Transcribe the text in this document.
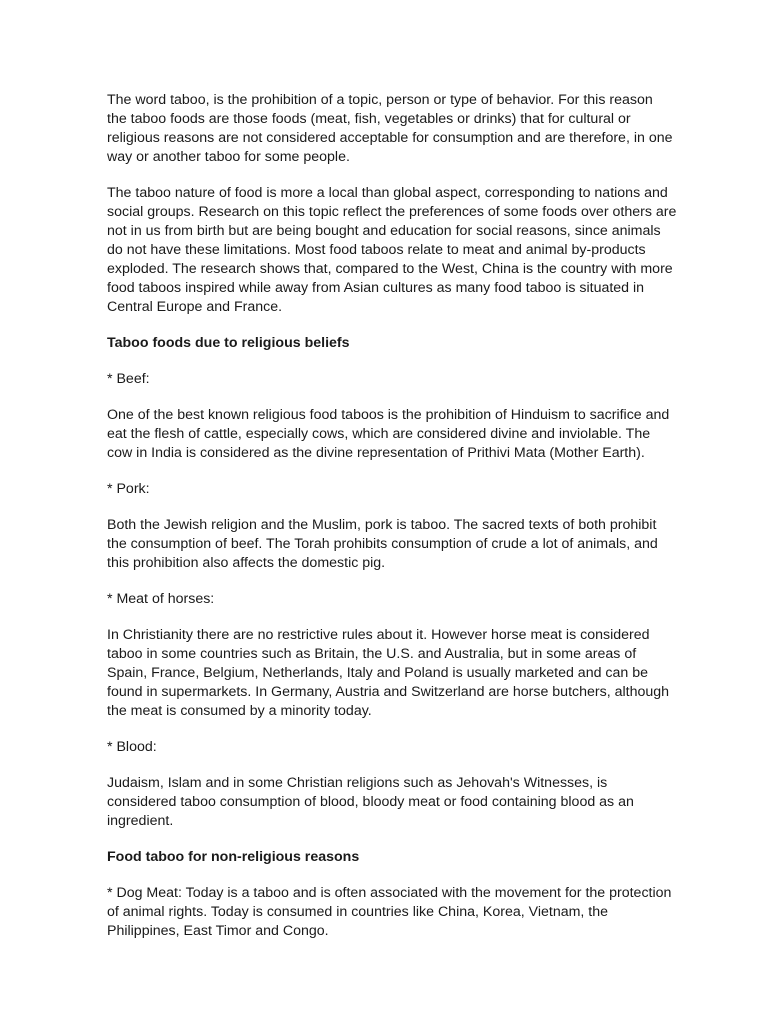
The word taboo, is the prohibition of a topic, person or type of behavior. For this reason
the taboo foods are those foods (meat, fish, vegetables or drinks) that for cultural or
religious reasons are not considered acceptable for consumption and are therefore, in one
way or another taboo for some people.

The taboo nature of food is more a local than global aspect, corresponding to nations and
social groups. Research on this topic reflect the preferences of some foods over others are
not in us from birth but are being bought and education for social reasons, since animals
do not have these limitations. Most food taboos relate to meat and animal by-products
exploded. The research shows that, compared to the West, China is the country with more
food taboos inspired while away from Asian cultures as many food taboo is situated in
Central Europe and France.

Taboo foods due to religious beliefs

* Beef:

One of the best known religious food taboos is the prohibition of Hinduism to sacrifice and
eat the flesh of cattle, especially cows, which are considered divine and inviolable. The
cow in India is considered as the divine representation of Prithivi Mata (Mother Earth).

* Pork:

Both the Jewish religion and the Muslim, pork is taboo. The sacred texts of both prohibit
the consumption of beef. The Torah prohibits consumption of crude a lot of animals, and
this prohibition also affects the domestic pig.

* Meat of horses:

In Christianity there are no restrictive rules about it. However horse meat is considered
taboo in some countries such as Britain, the U.S. and Australia, but in some areas of
Spain, France, Belgium, Netherlands, Italy and Poland is usually marketed and can be
found in supermarkets. In Germany, Austria and Switzerland are horse butchers, although
the meat is consumed by a minority today.

* Blood:

Judaism, Islam and in some Christian religions such as Jehovah's Witnesses, is
considered taboo consumption of blood, bloody meat or food containing blood as an
ingredient.

Food taboo for non-religious reasons

* Dog Meat: Today is a taboo and is often associated with the movement for the protection
of animal rights. Today is consumed in countries like China, Korea, Vietnam, the
Philippines, East Timor and Congo.
